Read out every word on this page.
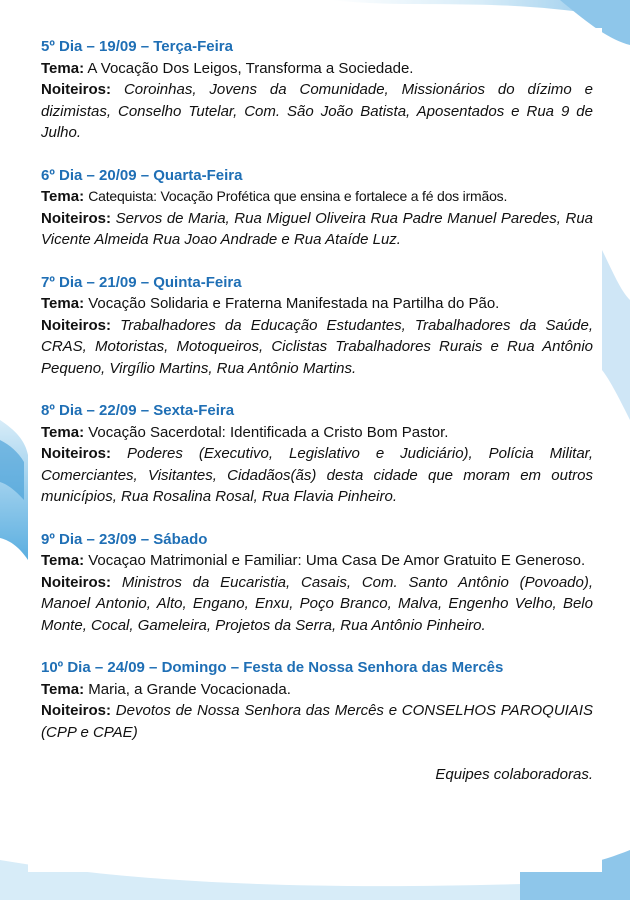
5º Dia – 19/09 – Terça-Feira
Tema: A Vocação Dos Leigos, Transforma a Sociedade.
Noiteiros: Coroinhas, Jovens da Comunidade, Missionários do dízimo e dizimistas, Conselho Tutelar, Com. São João Batista, Aposentados e Rua 9 de Julho.
6º Dia – 20/09 – Quarta-Feira
Tema: Catequista: Vocação Profética que ensina e fortalece a fé dos irmãos.
Noiteiros: Servos de Maria, Rua Miguel Oliveira Rua Padre Manuel Paredes, Rua Vicente Almeida Rua Joao Andrade e Rua Ataíde Luz.
7º Dia – 21/09 – Quinta-Feira
Tema: Vocação Solidaria e Fraterna Manifestada na Partilha do Pão.
Noiteiros: Trabalhadores da Educação Estudantes, Trabalhadores da Saúde, CRAS, Motoristas, Motoqueiros, Ciclistas Trabalhadores Rurais e Rua Antônio Pequeno, Virgílio Martins, Rua Antônio Martins.
8º Dia – 22/09 – Sexta-Feira
Tema: Vocação Sacerdotal: Identificada a Cristo Bom Pastor.
Noiteiros: Poderes (Executivo, Legislativo e Judiciário), Polícia Militar, Comerciantes, Visitantes, Cidadãos(ãs) desta cidade que moram em outros municípios, Rua Rosalina Rosal, Rua Flavia Pinheiro.
9º Dia – 23/09 – Sábado
Tema: Vocaçao Matrimonial e Familiar: Uma Casa De Amor Gratuito E Generoso.
Noiteiros: Ministros da Eucaristia, Casais, Com. Santo Antônio (Povoado), Manoel Antonio, Alto, Engano, Enxu, Poço Branco, Malva, Engenho Velho, Belo Monte, Cocal, Gameleira, Projetos da Serra, Rua Antônio Pinheiro.
10º Dia – 24/09 – Domingo – Festa de Nossa Senhora das Mercês
Tema: Maria, a Grande Vocacionada.
Noiteiros: Devotos de Nossa Senhora das Mercês e CONSELHOS PAROQUIAIS (CPP e CPAE)
Equipes colaboradoras.
